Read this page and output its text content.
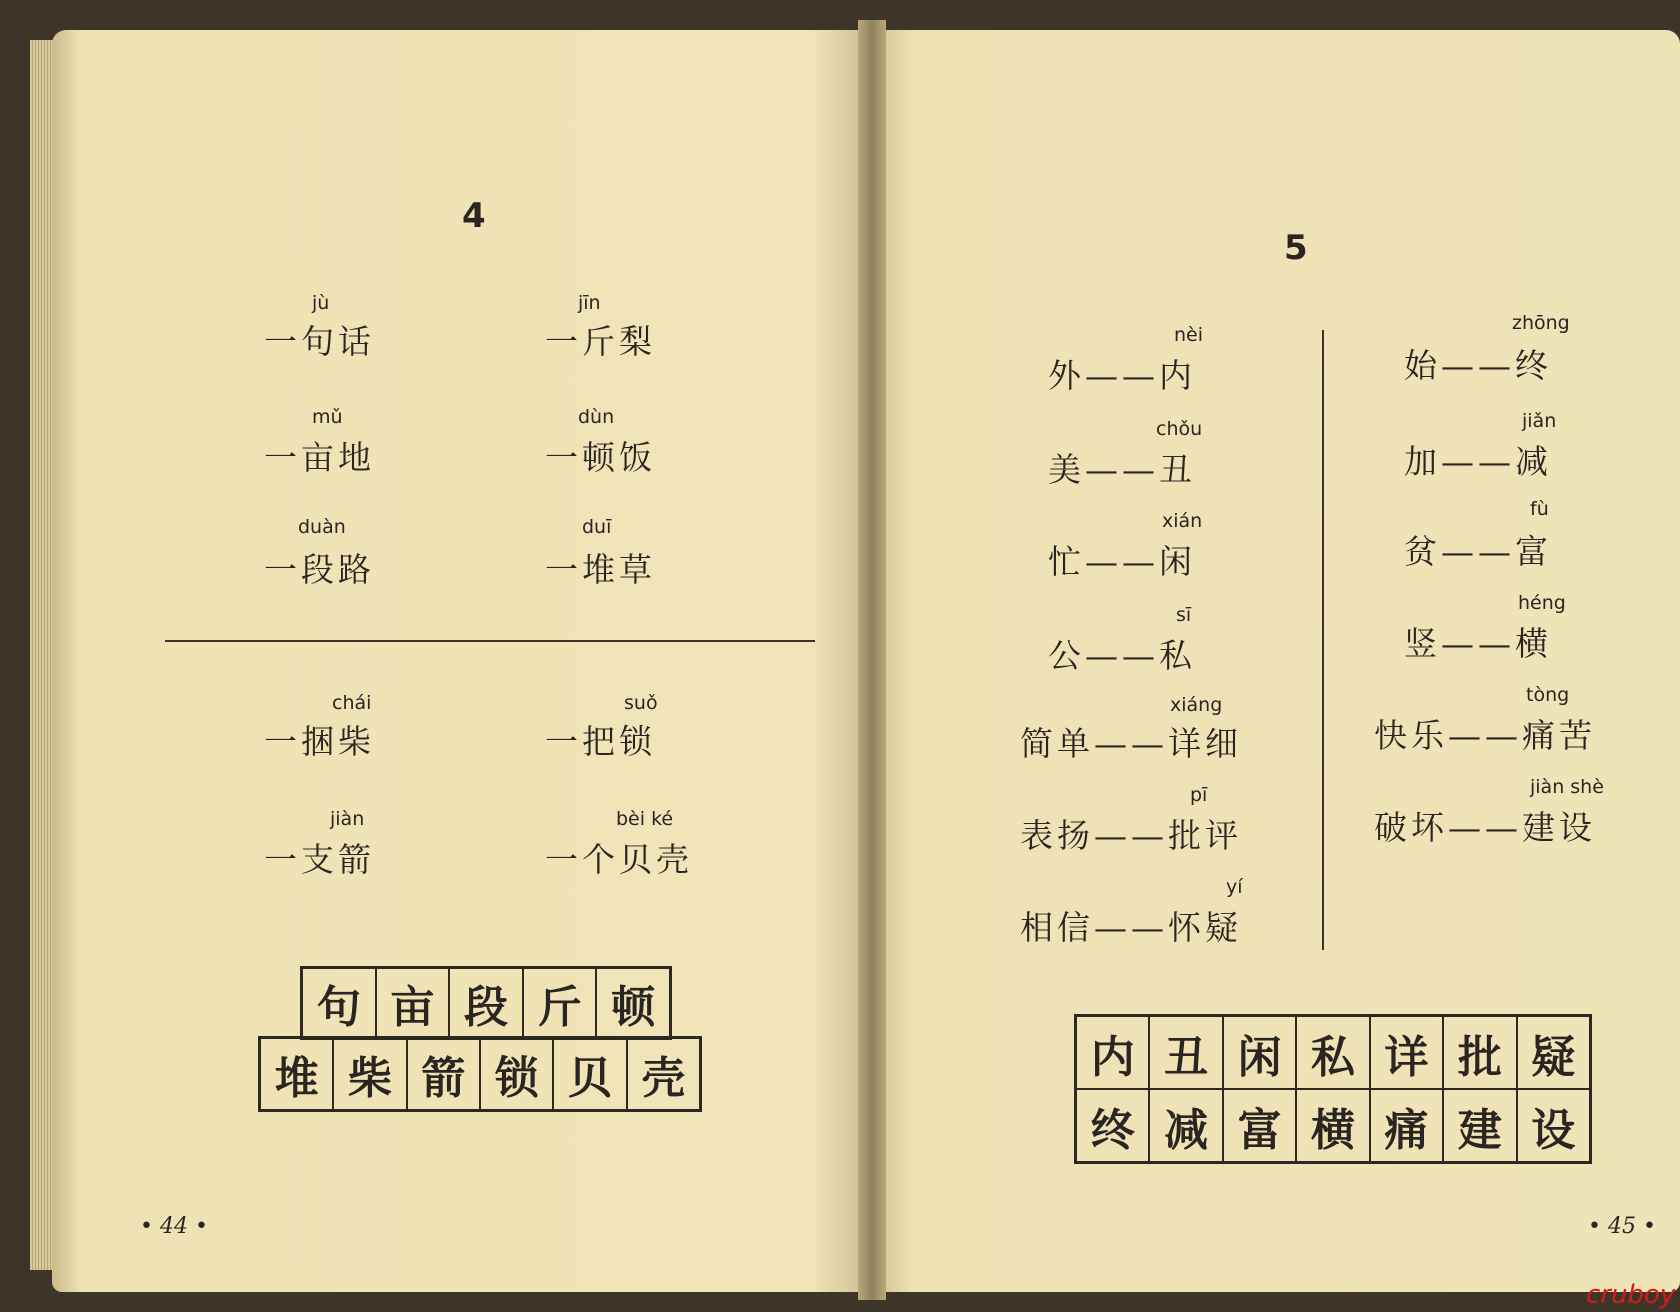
4
jù
一句话
jīn
一斤梨
mǔ
一亩地
dùn
一顿饭
duàn
一段路
duī
一堆草
chái
一捆柴
suǒ
一把锁
jiàn
一支箭
bèi ké
一个贝壳
句 亩 段 斤 顿
堆 柴 箭 锁 贝 壳
• 44 •
5
nèi
外——内
chǒu
美——丑
xián
忙——闲
sī
公——私
xiáng
简单——详细
pī
表扬——批评
yí
相信——怀疑
zhōng
始——终
jiǎn
加——减
fù
贫——富
héng
竖——横
tòng
快乐——痛苦
jiàn shè
破坏——建设
内 丑 闲 私 详 批 疑
终 减 富 横 痛 建 设
• 45 •
cruboy
